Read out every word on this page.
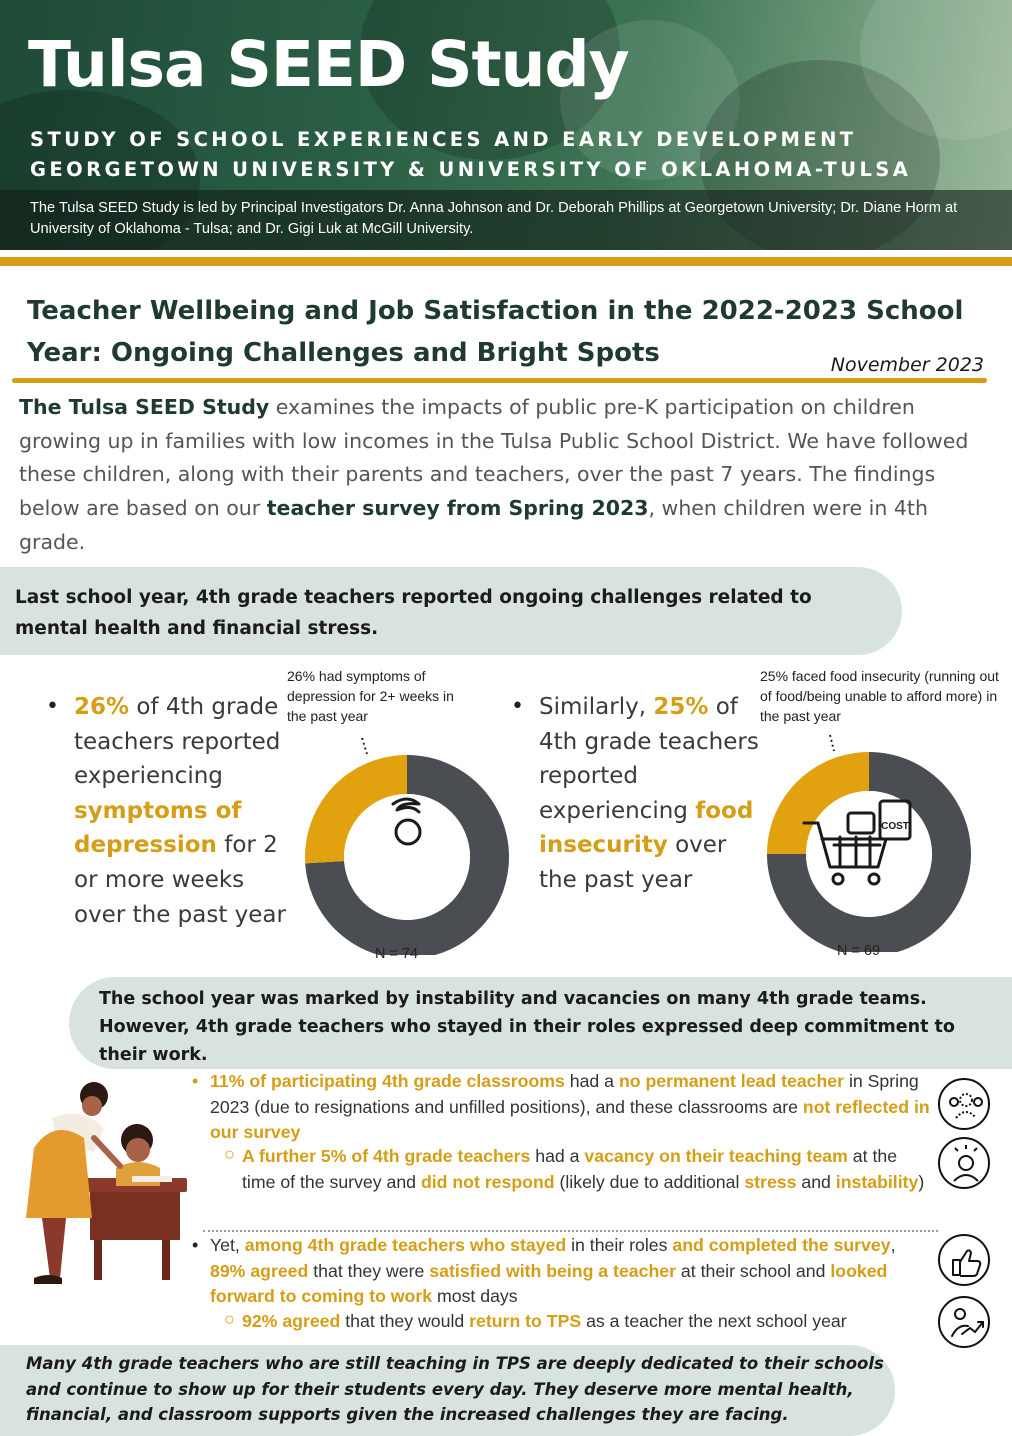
Tulsa SEED Study
STUDY OF SCHOOL EXPERIENCES AND EARLY DEVELOPMENT
GEORGETOWN UNIVERSITY & UNIVERSITY OF OKLAHOMA-TULSA
The Tulsa SEED Study is led by Principal Investigators Dr. Anna Johnson and Dr. Deborah Phillips at Georgetown University; Dr. Diane Horm at University of Oklahoma - Tulsa; and Dr. Gigi Luk at McGill University.
Teacher Wellbeing and Job Satisfaction in the 2022-2023 School
Year: Ongoing Challenges and Bright Spots	November 2023
The Tulsa SEED Study examines the impacts of public pre-K participation on children growing up in families with low incomes in the Tulsa Public School District. We have followed these children, along with their parents and teachers, over the past 7 years. The findings below are based on our teacher survey from Spring 2023, when children were in 4th grade.
Last school year, 4th grade teachers reported ongoing challenges related to mental health and financial stress.
• 26% of 4th grade teachers reported experiencing symptoms of depression for 2 or more weeks over the past year
26% had symptoms of depression for 2+ weeks in the past year
N = 74
• Similarly, 25% of 4th grade teachers reported experiencing food insecurity over the past year
25% faced food insecurity (running out of food/being unable to afford more) in the past year
COST
N = 69
The school year was marked by instability and vacancies on many 4th grade teams. However, 4th grade teachers who stayed in their roles expressed deep commitment to their work.
• 11% of participating 4th grade classrooms had a no permanent lead teacher in Spring 2023 (due to resignations and unfilled positions), and these classrooms are not reflected in our survey
○ A further 5% of 4th grade teachers had a vacancy on their teaching team at the time of the survey and did not respond (likely due to additional stress and instability)
• Yet, among 4th grade teachers who stayed in their roles and completed the survey, 89% agreed that they were satisfied with being a teacher at their school and looked forward to coming to work most days
○ 92% agreed that they would return to TPS as a teacher the next school year
Many 4th grade teachers who are still teaching in TPS are deeply dedicated to their schools and continue to show up for their students every day. They deserve more mental health, financial, and classroom supports given the increased challenges they are facing.
